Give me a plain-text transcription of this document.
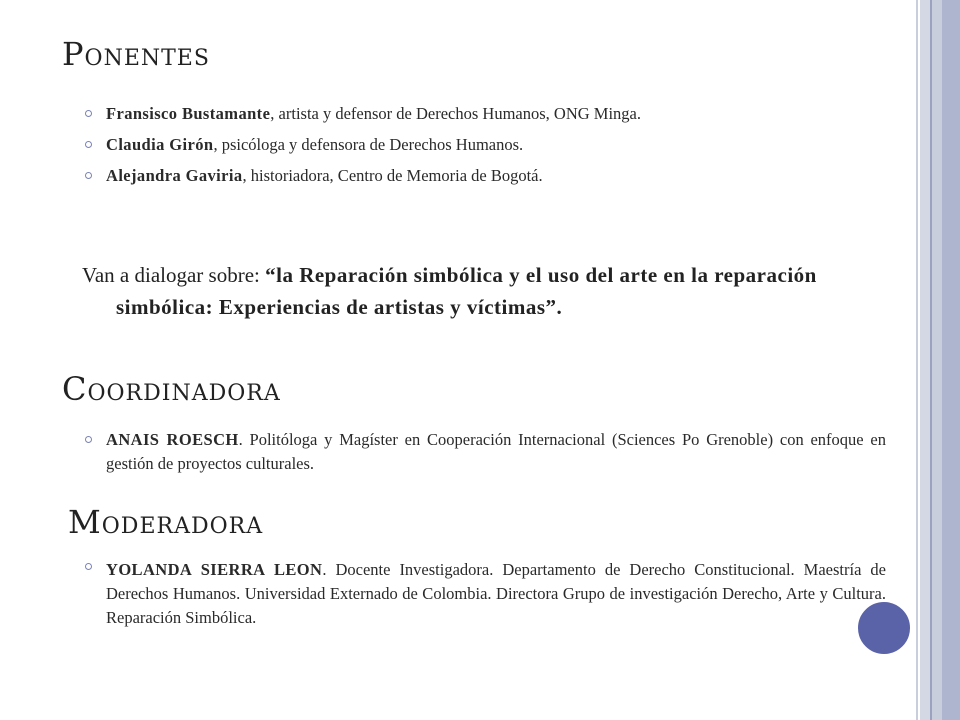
Ponentes
Fransisco Bustamante, artista y defensor de Derechos Humanos, ONG Minga.
Claudia Girón, psicóloga y defensora de Derechos Humanos.
Alejandra Gaviria, historiadora, Centro de Memoria de Bogotá.

Van a dialogar sobre: “la Reparación simbólica y el uso del arte en la reparación simbólica: Experiencias de artistas y víctimas”.

Coordinadora
ANAIS ROESCH. Politóloga y Magíster en Cooperación Internacional (Sciences Po Grenoble) con enfoque en gestión de proyectos culturales.
Moderadora
YOLANDA SIERRA LEON. Docente Investigadora. Departamento de Derecho Constitucional. Maestría de Derechos Humanos. Universidad Externado de Colombia. Directora Grupo de investigación Derecho, Arte y Cultura. Reparación Simbólica.
